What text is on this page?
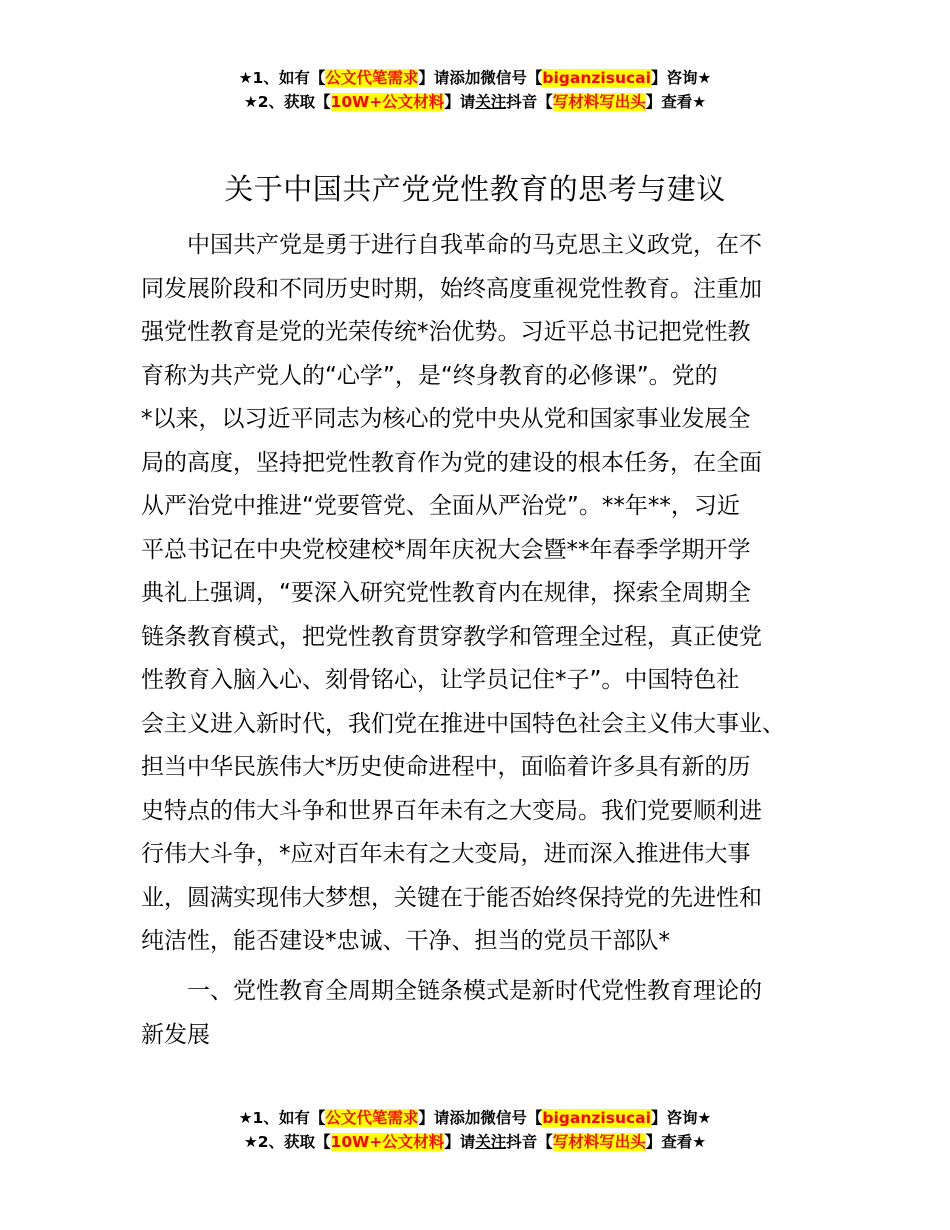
★1、如有【公文代笔需求】请添加微信号【biganzisucai】咨询★
★2、获取【10W+公文材料】请关注抖音【写材料写出头】查看★
关于中国共产党党性教育的思考与建议
中国共产党是勇于进行自我革命的马克思主义政党，在不
同发展阶段和不同历史时期，始终高度重视党性教育。注重加
强党性教育是党的光荣传统*治优势。习近平总书记把党性教
育称为共产党人的“心学”，是“终身教育的必修课”。党的
*以来，以习近平同志为核心的党中央从党和国家事业发展全
局的高度，坚持把党性教育作为党的建设的根本任务，在全面
从严治党中推进“党要管党、全面从严治党”。**年**，习近
平总书记在中央党校建校*周年庆祝大会暨**年春季学期开学
典礼上强调，“要深入研究党性教育内在规律，探索全周期全
链条教育模式，把党性教育贯穿教学和管理全过程，真正使党
性教育入脑入心、刻骨铭心，让学员记住*子”。中国特色社
会主义进入新时代，我们党在推进中国特色社会主义伟大事业、
担当中华民族伟大*历史使命进程中，面临着许多具有新的历
史特点的伟大斗争和世界百年未有之大变局。我们党要顺利进
行伟大斗争，*应对百年未有之大变局，进而深入推进伟大事
业，圆满实现伟大梦想，关键在于能否始终保持党的先进性和
纯洁性，能否建设*忠诚、干净、担当的党员干部队*
一、党性教育全周期全链条模式是新时代党性教育理论的
新发展
★1、如有【公文代笔需求】请添加微信号【biganzisucai】咨询★
★2、获取【10W+公文材料】请关注抖音【写材料写出头】查看★
